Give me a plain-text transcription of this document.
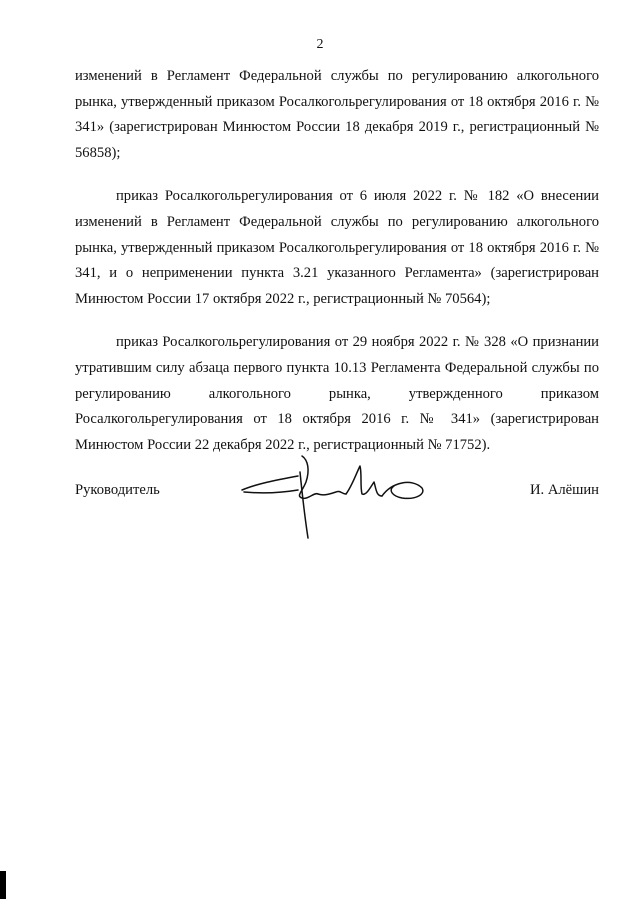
2

изменений в Регламент Федеральной службы по регулированию алкогольного рынка, утвержденный приказом Росалкогольрегулирования от 18 октября 2016 г. № 341» (зарегистрирован Минюстом России 18 декабря 2019 г., регистрационный № 56858);

приказ Росалкогольрегулирования от 6 июля 2022 г. № 182 «О внесении изменений в Регламент Федеральной службы по регулированию алкогольного рынка, утвержденный приказом Росалкогольрегулирования от 18 октября 2016 г. № 341, и о неприменении пункта 3.21 указанного Регламента» (зарегистрирован Минюстом России 17 октября 2022 г., регистрационный № 70564);

приказ Росалкогольрегулирования от 29 ноября 2022 г. № 328 «О признании утратившим силу абзаца первого пункта 10.13 Регламента Федеральной службы по регулированию алкогольного рынка, утвержденного приказом Росалкогольрегулирования от 18 октября 2016 г. № 341» (зарегистрирован Минюстом России 22 декабря 2022 г., регистрационный № 71752).

Руководитель	И. Алёшин
